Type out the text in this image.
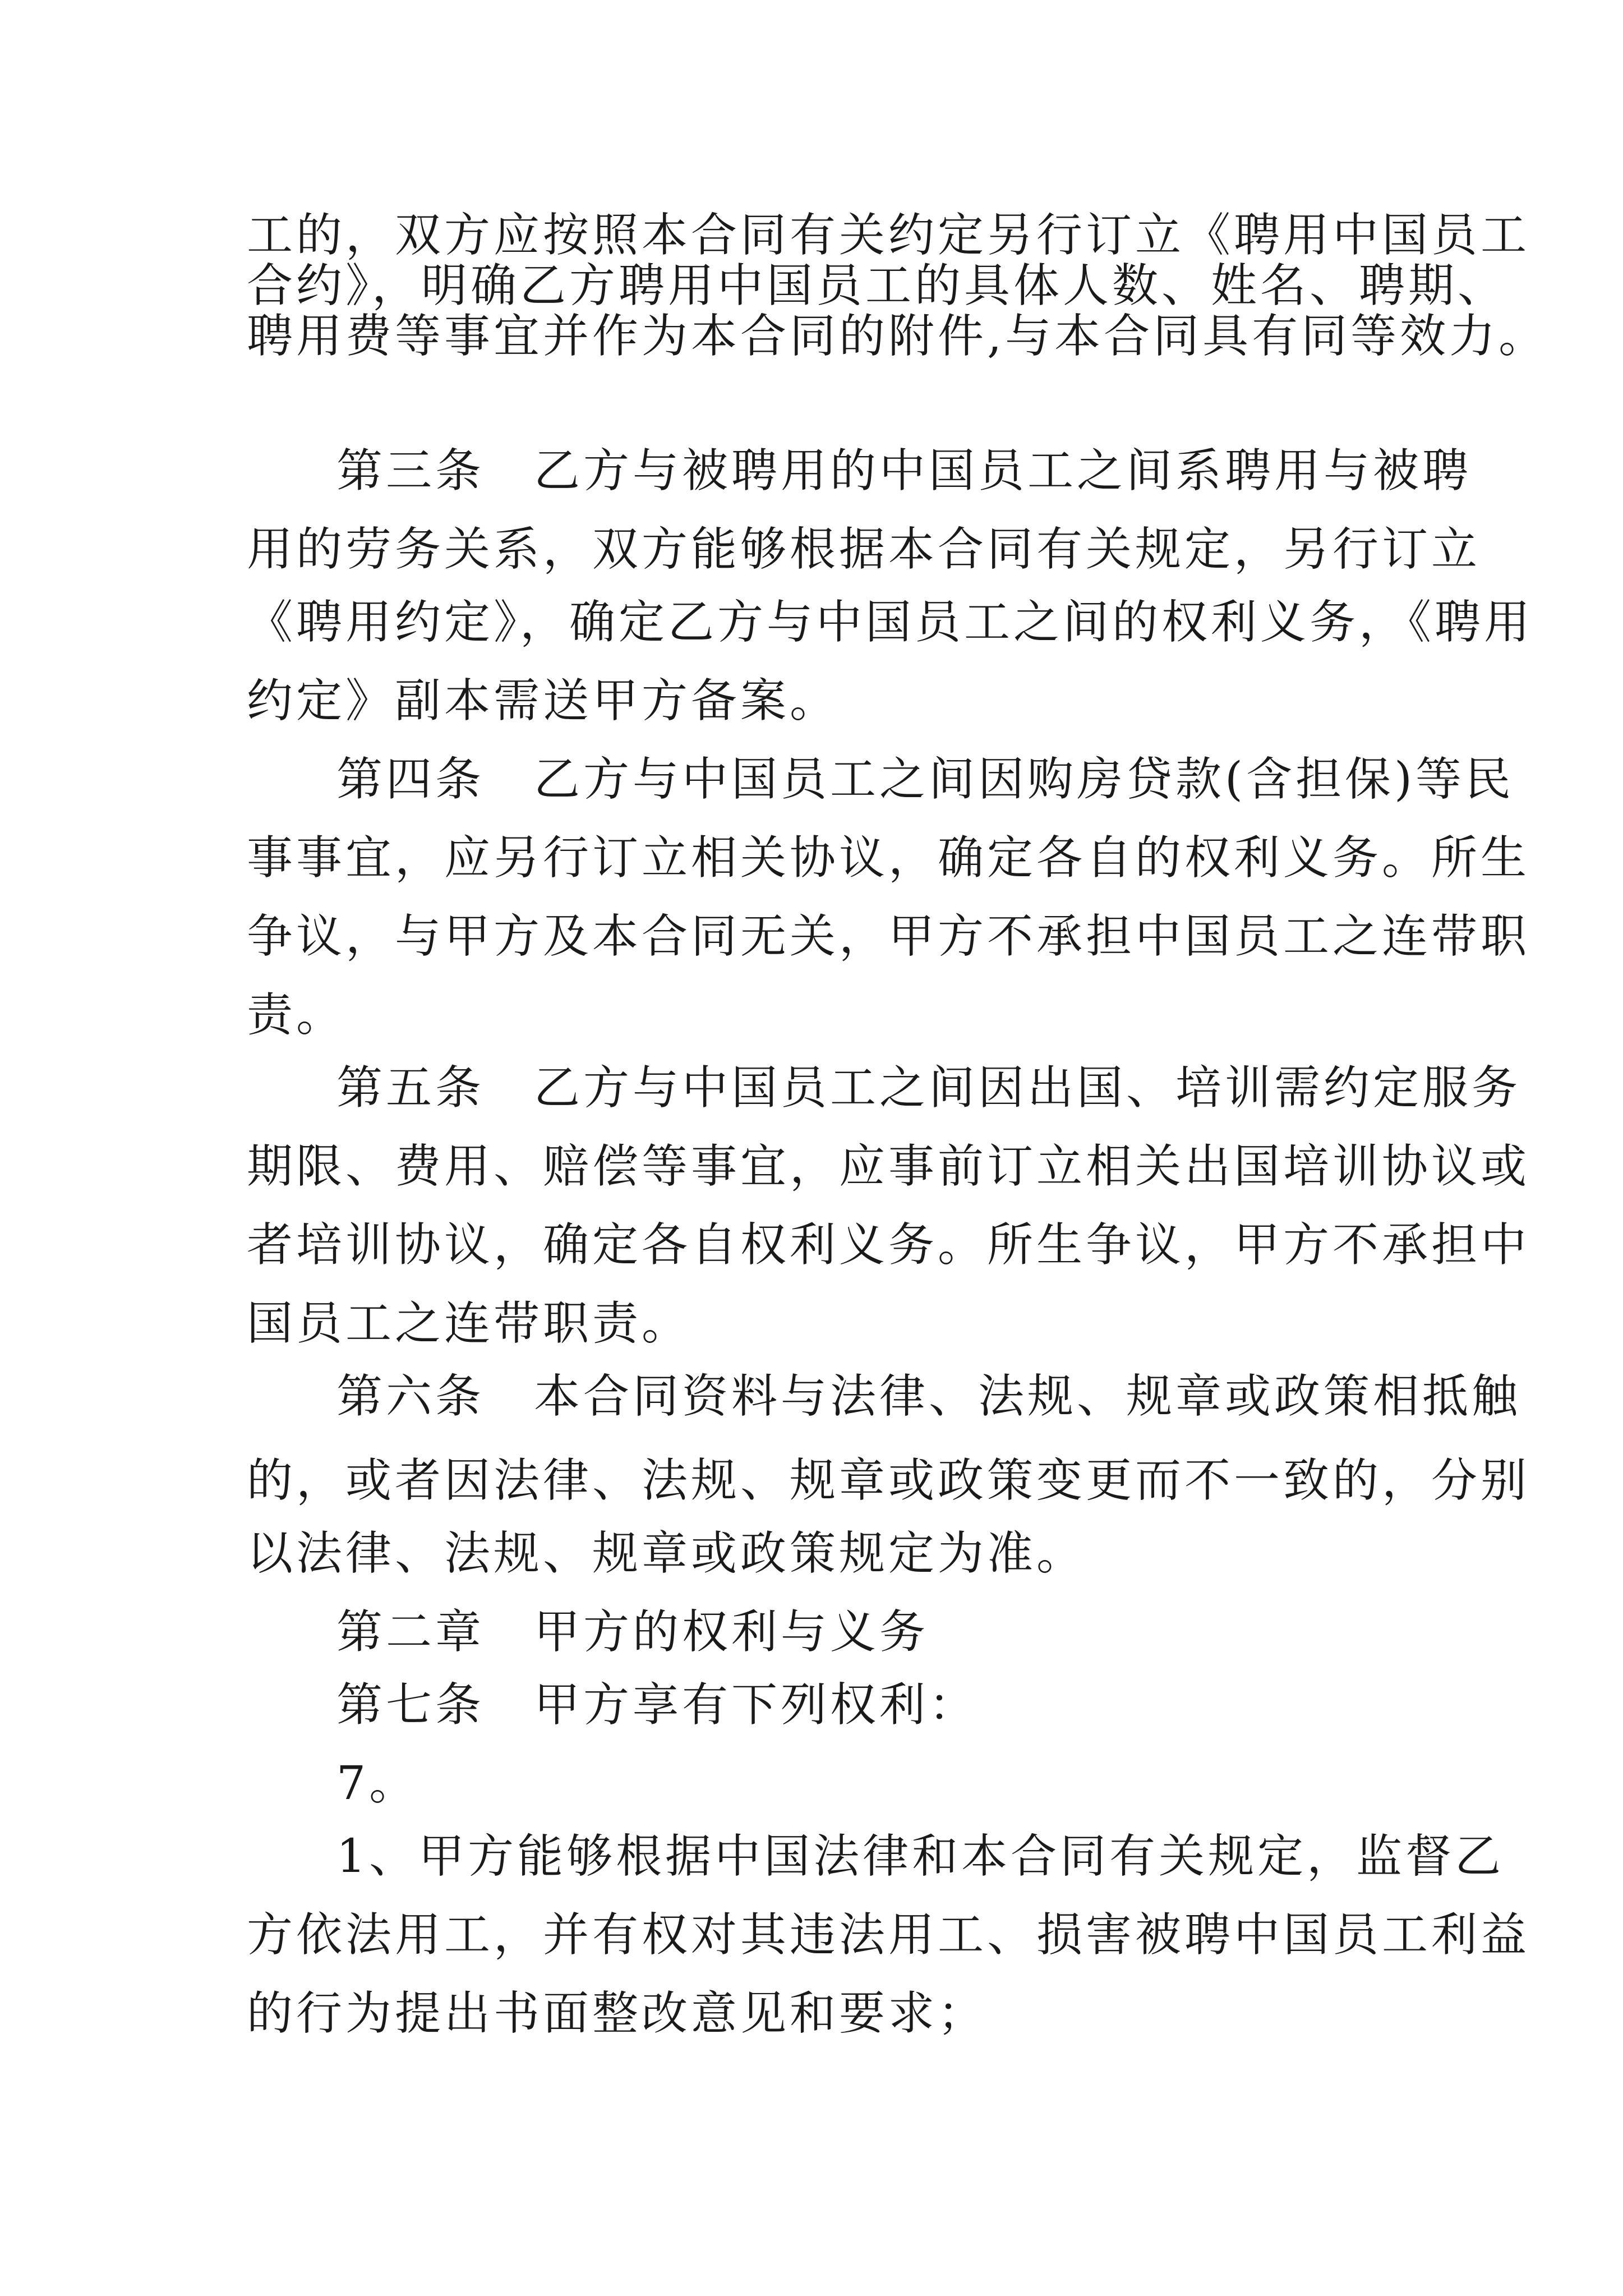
工的，双方应按照本合同有关约定另行订立《聘用中国员工
合约》，明确乙方聘用中国员工的具体人数、姓名、聘期、
聘用费等事宜并作为本合同的附件,与本合同具有同等效力。
第三条　乙方与被聘用的中国员工之间系聘用与被聘
用的劳务关系，双方能够根据本合同有关规定，另行订立
《聘用约定》，确定乙方与中国员工之间的权利义务，《聘用
约定》副本需送甲方备案。
第四条　乙方与中国员工之间因购房贷款(含担保)等民
事事宜，应另行订立相关协议，确定各自的权利义务。所生
争议，与甲方及本合同无关，甲方不承担中国员工之连带职
责。
第五条　乙方与中国员工之间因出国、培训需约定服务
期限、费用、赔偿等事宜，应事前订立相关出国培训协议或
者培训协议，确定各自权利义务。所生争议，甲方不承担中
国员工之连带职责。
第六条　本合同资料与法律、法规、规章或政策相抵触
的，或者因法律、法规、规章或政策变更而不一致的，分别
以法律、法规、规章或政策规定为准。
第二章　甲方的权利与义务
第七条　甲方享有下列权利：
7。
1、甲方能够根据中国法律和本合同有关规定，监督乙
方依法用工，并有权对其违法用工、损害被聘中国员工利益
的行为提出书面整改意见和要求；
